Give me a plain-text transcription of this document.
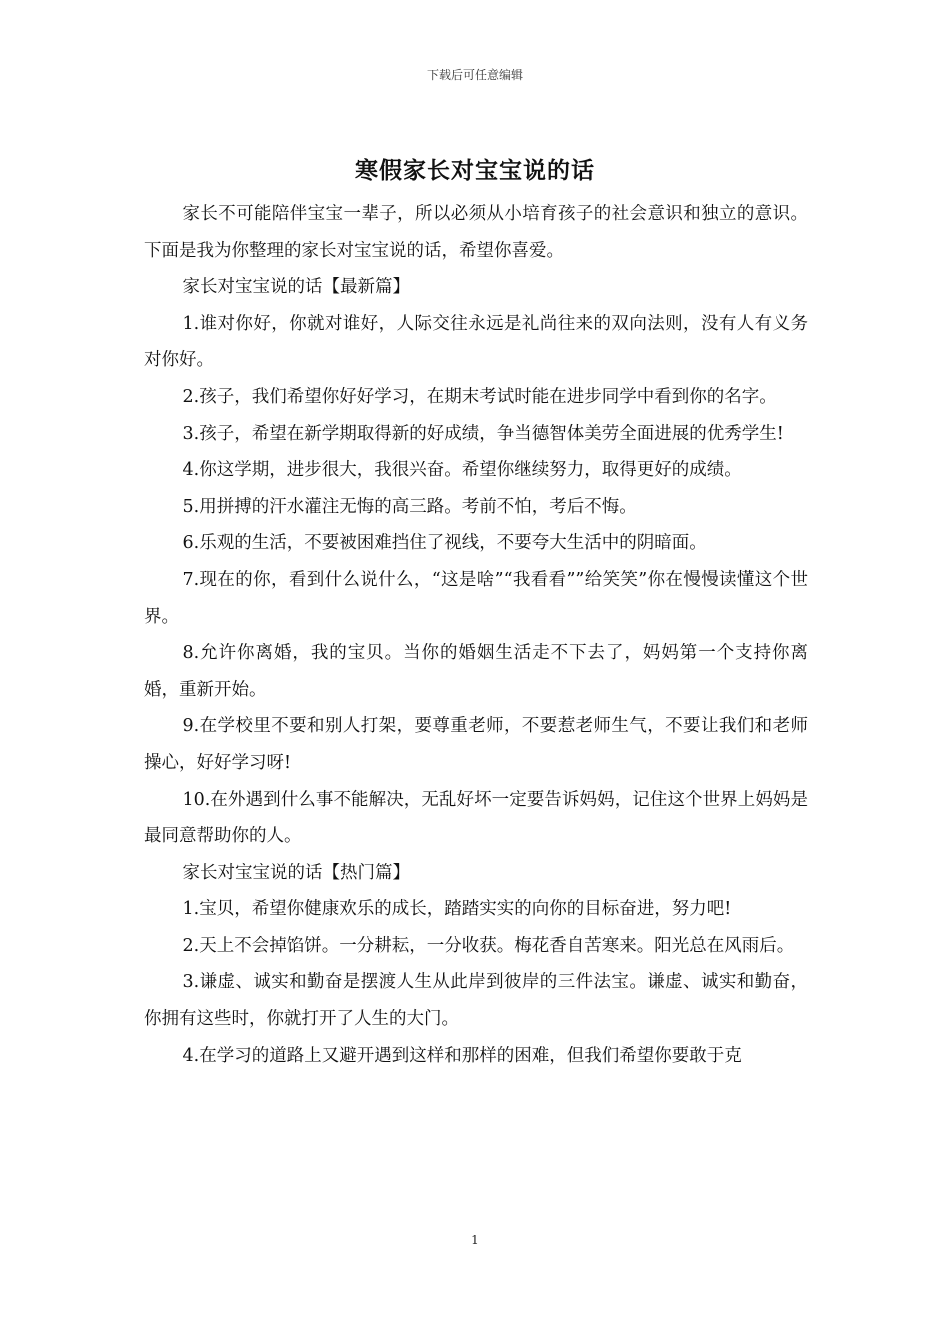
下载后可任意编辑
寒假家长对宝宝说的话

家长不可能陪伴宝宝一辈子，所以必须从小培育孩子的社会意识和独立的意识。下面是我为你整理的家长对宝宝说的话，希望你喜爱。

家长对宝宝说的话【最新篇】

1.谁对你好，你就对谁好，人际交往永远是礼尚往来的双向法则，没有人有义务对你好。

2.孩子，我们希望你好好学习，在期末考试时能在进步同学中看到你的名字。

3.孩子，希望在新学期取得新的好成绩，争当德智体美劳全面进展的优秀学生!

4.你这学期，进步很大，我很兴奋。希望你继续努力，取得更好的成绩。

5.用拼搏的汗水灌注无悔的高三路。考前不怕，考后不悔。

6.乐观的生活，不要被困难挡住了视线，不要夸大生活中的阴暗面。

7.现在的你，看到什么说什么，“这是啥”“我看看””给笑笑”你在慢慢读懂这个世界。

8.允许你离婚，我的宝贝。当你的婚姻生活走不下去了，妈妈第一个支持你离婚，重新开始。

9.在学校里不要和别人打架，要尊重老师，不要惹老师生气，不要让我们和老师操心，好好学习呀!

10.在外遇到什么事不能解决，无乱好坏一定要告诉妈妈，记住这个世界上妈妈是最同意帮助你的人。

家长对宝宝说的话【热门篇】

1.宝贝，希望你健康欢乐的成长，踏踏实实的向你的目标奋进，努力吧!

2.天上不会掉馅饼。一分耕耘，一分收获。梅花香自苦寒来。阳光总在风雨后。

3.谦虚、诚实和勤奋是摆渡人生从此岸到彼岸的三件法宝。谦虚、诚实和勤奋，你拥有这些时，你就打开了人生的大门。

4.在学习的道路上又避开遇到这样和那样的困难，但我们希望你要敢于克

1
